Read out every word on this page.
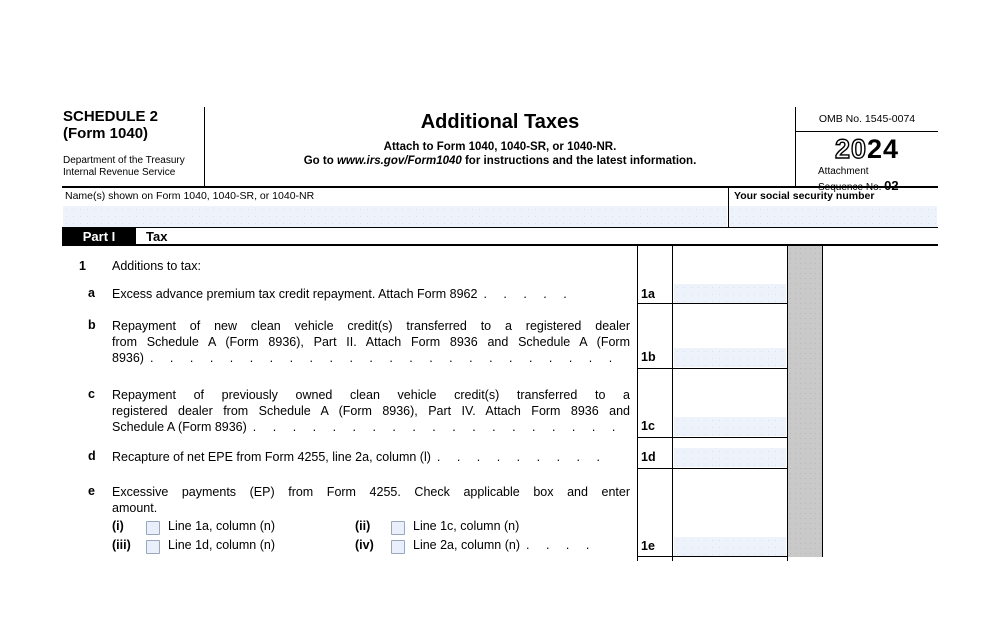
SCHEDULE 2
(Form 1040)
Department of the Treasury
Internal Revenue Service
Additional Taxes
Attach to Form 1040, 1040-SR, or 1040-NR.
Go to www.irs.gov/Form1040 for instructions and the latest information.
OMB No. 1545-0074
2024
Attachment
Name(s) shown on Form 1040, 1040-SR, or 1040-NR	Your social security number
Part I	Tax
1 Additions to tax:
a	Excess advance premium tax credit repayment. Attach Form 8962 . . . . .	1a
b	Repayment of new clean vehicle credit(s) transferred to a registered dealer
from Schedule A (Form 8936), Part II. Attach Form 8936 and Schedule A (Form
8936) . . . . . . . . . . . . . . . . . . . . . . . .	1b
c	Repayment of previously owned clean vehicle credit(s) transferred to a
registered dealer from Schedule A (Form 8936), Part IV. Attach Form 8936 and
Schedule A (Form 8936) . . . . . . . . . . . . . . . . . . .	1c
d	Recapture of net EPE from Form 4255, line 2a, column (l) . . . . . . . . .	1d
e	Excessive payments (EP) from Form 4255. Check applicable box and enter
amount.
(i)	Line 1a, column (n)	(ii)	Line 1c, column (n)
(iii)	Line 1d, column (n)	(iv)	Line 2a, column (n) . . . .	1e
